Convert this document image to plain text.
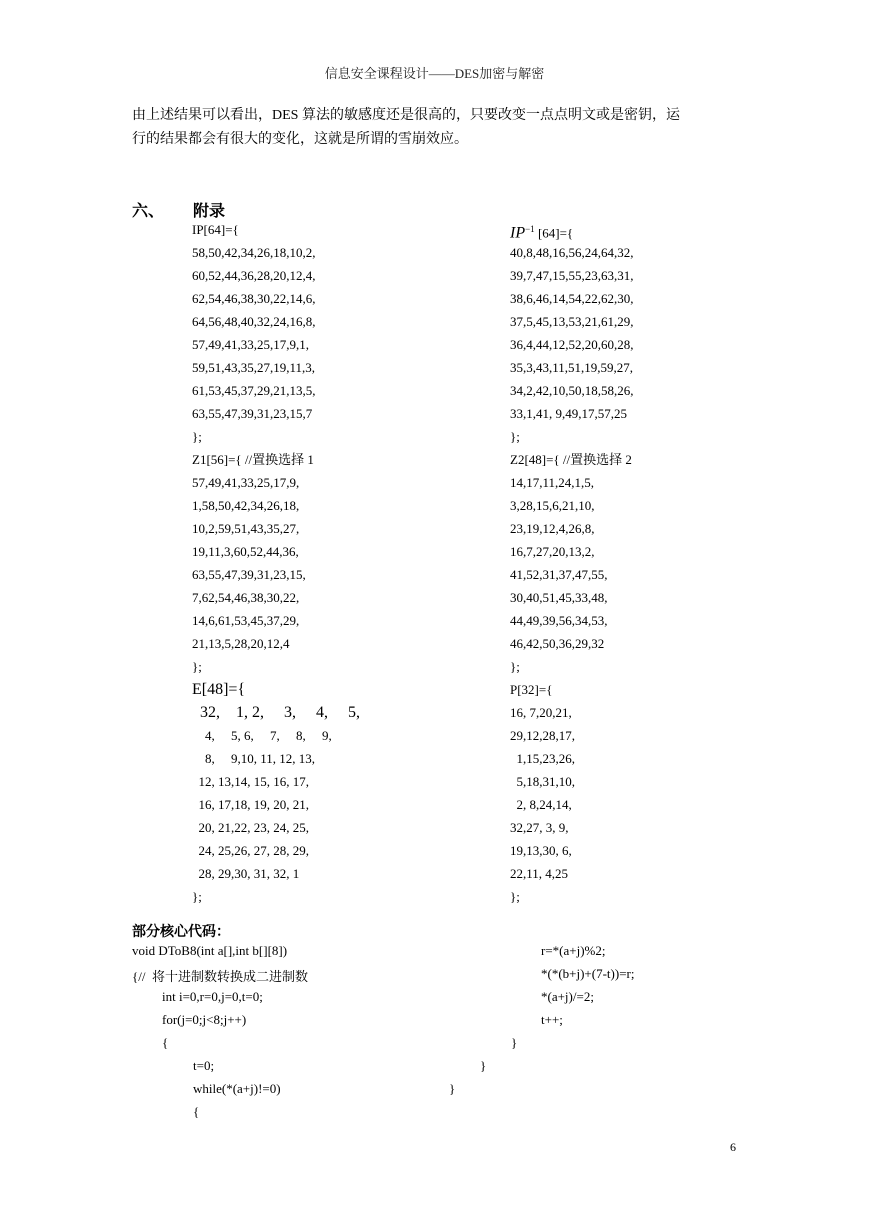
信息安全课程设计——DES加密与解密
由上述结果可以看出，DES 算法的敏感度还是很高的，只要改变一点点明文或是密钥，运
行的结果都会有很大的变化，这就是所谓的雪崩效应。
六、 附录
IP[64]={
58,50,42,34,26,18,10,2,
60,52,44,36,28,20,12,4,
62,54,46,38,30,22,14,6,
64,56,48,40,32,24,16,8,
57,49,41,33,25,17,9,1,
59,51,43,35,27,19,11,3,
61,53,45,37,29,21,13,5,
63,55,47,39,31,23,15,7
};
Z1[56]={ //置换选择 1
57,49,41,33,25,17,9,
1,58,50,42,34,26,18,
10,2,59,51,43,35,27,
19,11,3,60,52,44,36,
63,55,47,39,31,23,15,
7,62,54,46,38,30,22,
14,6,61,53,45,37,29,
21,13,5,28,20,12,4
};
E[48]={
32,    1, 2,     3,     4,     5,
4,     5, 6,     7,     8,     9,
8,     9,10, 11, 12, 13,
12, 13,14, 15, 16, 17,
16, 17,18, 19, 20, 21,
20, 21,22, 23, 24, 25,
24, 25,26, 27, 28, 29,
28, 29,30, 31, 32, 1
};
$IP^{-1}$ [64]={
40,8,48,16,56,24,64,32,
39,7,47,15,55,23,63,31,
38,6,46,14,54,22,62,30,
37,5,45,13,53,21,61,29,
36,4,44,12,52,20,60,28,
35,3,43,11,51,19,59,27,
34,2,42,10,50,18,58,26,
33,1,41, 9,49,17,57,25
};
Z2[48]={ //置换选择 2
14,17,11,24,1,5,
3,28,15,6,21,10,
23,19,12,4,26,8,
16,7,27,20,13,2,
41,52,31,37,47,55,
30,40,51,45,33,48,
44,49,39,56,34,53,
46,42,50,36,29,32
};
P[32]={
16, 7,20,21,
29,12,28,17,
1,15,23,26,
5,18,31,10,
2, 8,24,14,
32,27, 3, 9,
19,13,30, 6,
22,11, 4,25
};
部分核心代码：
void DToB8(int a[],int b[][8])
{//  将十进制数转换成二进制数
int i=0,r=0,j=0,t=0;
for(j=0;j<8;j++)
{
t=0;
while(*(a+j)!=0)
{
r=*(a+j)%2;
*(*(b+j)+(7-t))=r;
*(a+j)/=2;
t++;
}
}
}
6
